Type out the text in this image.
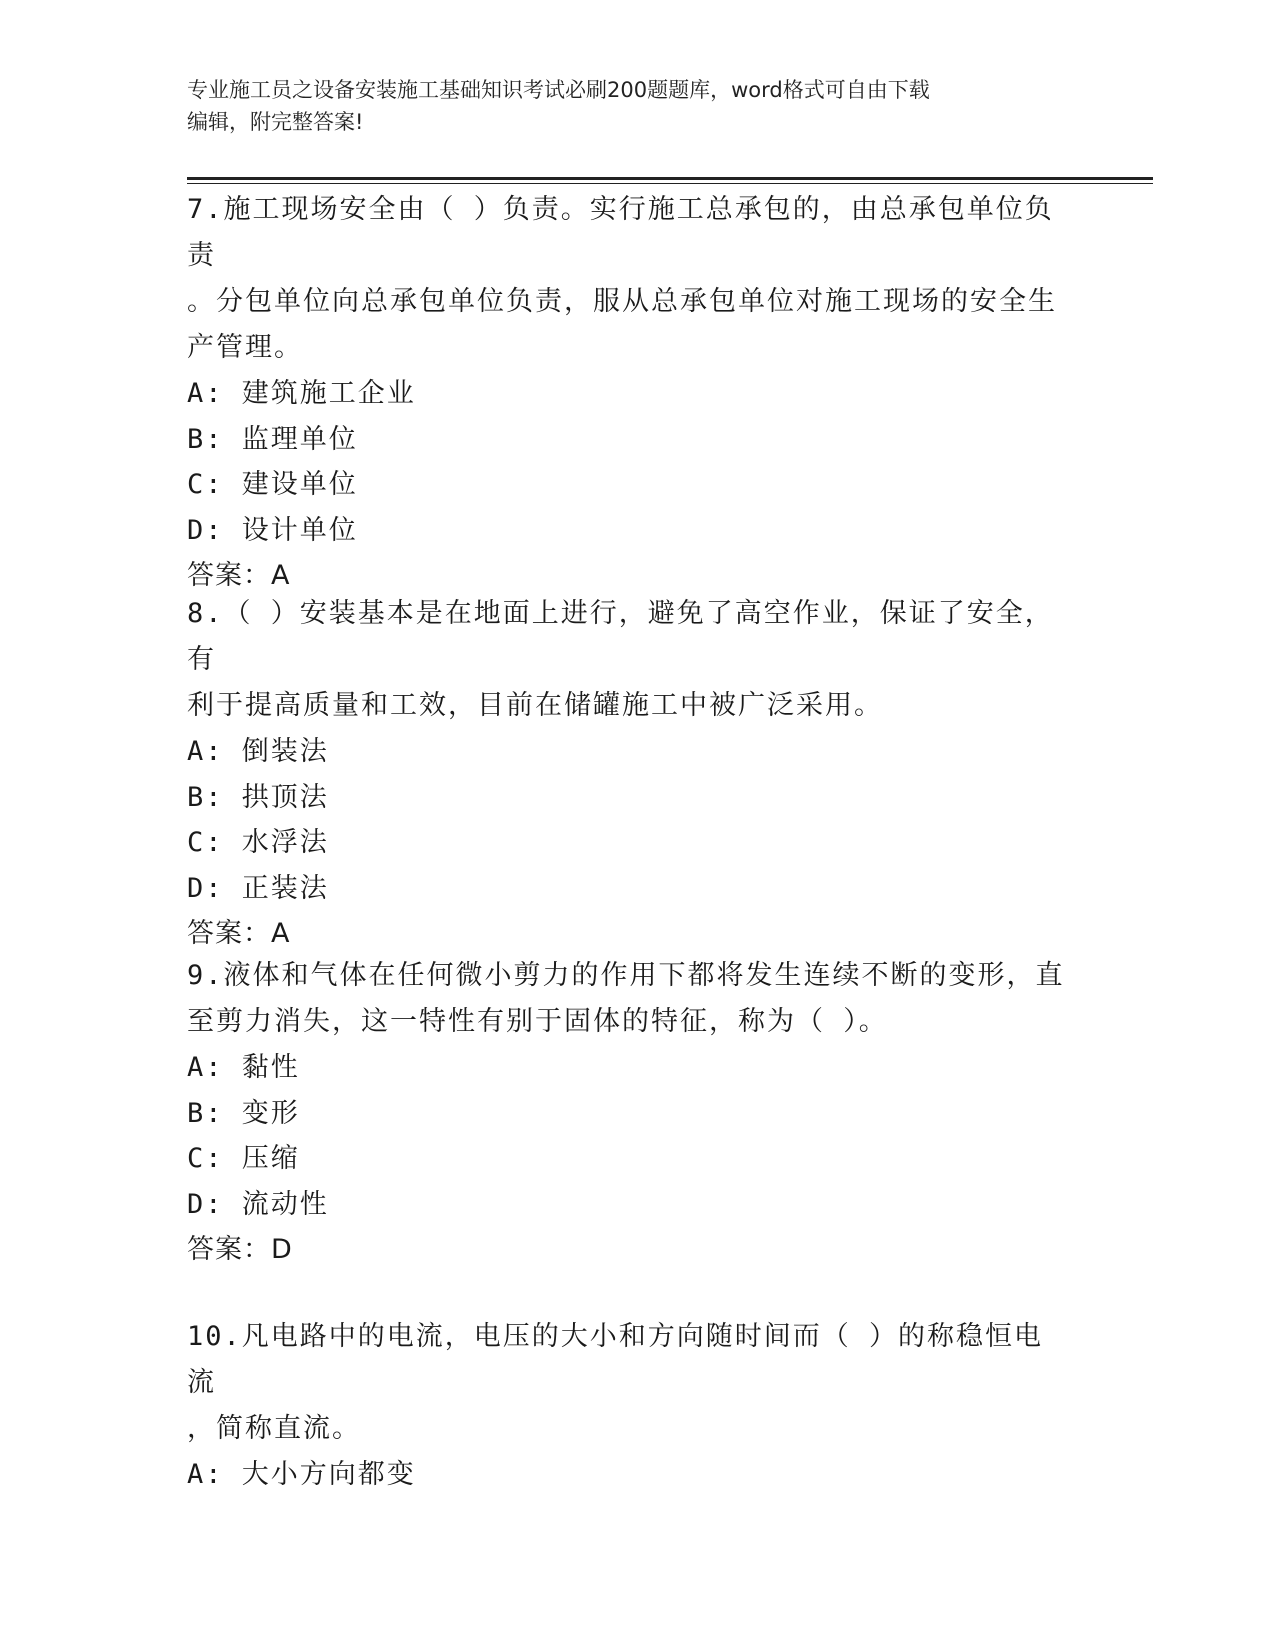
专业施工员之设备安装施工基础知识考试必刷200题题库，word格式可自由下载
编辑，附完整答案!

7.施工现场安全由（ ）负责。实行施工总承包的，由总承包单位负责

。分包单位向总承包单位负责，服从总承包单位对施工现场的安全生

产管理。

A: 建筑施工企业

B: 监理单位

C: 建设单位

D: 设计单位

答案：A

8.（ ）安装基本是在地面上进行，避免了高空作业，保证了安全，有

利于提高质量和工效，目前在储罐施工中被广泛采用。

A: 倒装法

B: 拱顶法

C: 水浮法

D: 正装法

答案：A

9.液体和气体在任何微小剪力的作用下都将发生连续不断的变形，直

至剪力消失，这一特性有别于固体的特征，称为（ ）。

A: 黏性

B: 变形

C: 压缩

D: 流动性

答案：D

10.凡电路中的电流，电压的大小和方向随时间而（ ）的称稳恒电流

，简称直流。

A: 大小方向都变
